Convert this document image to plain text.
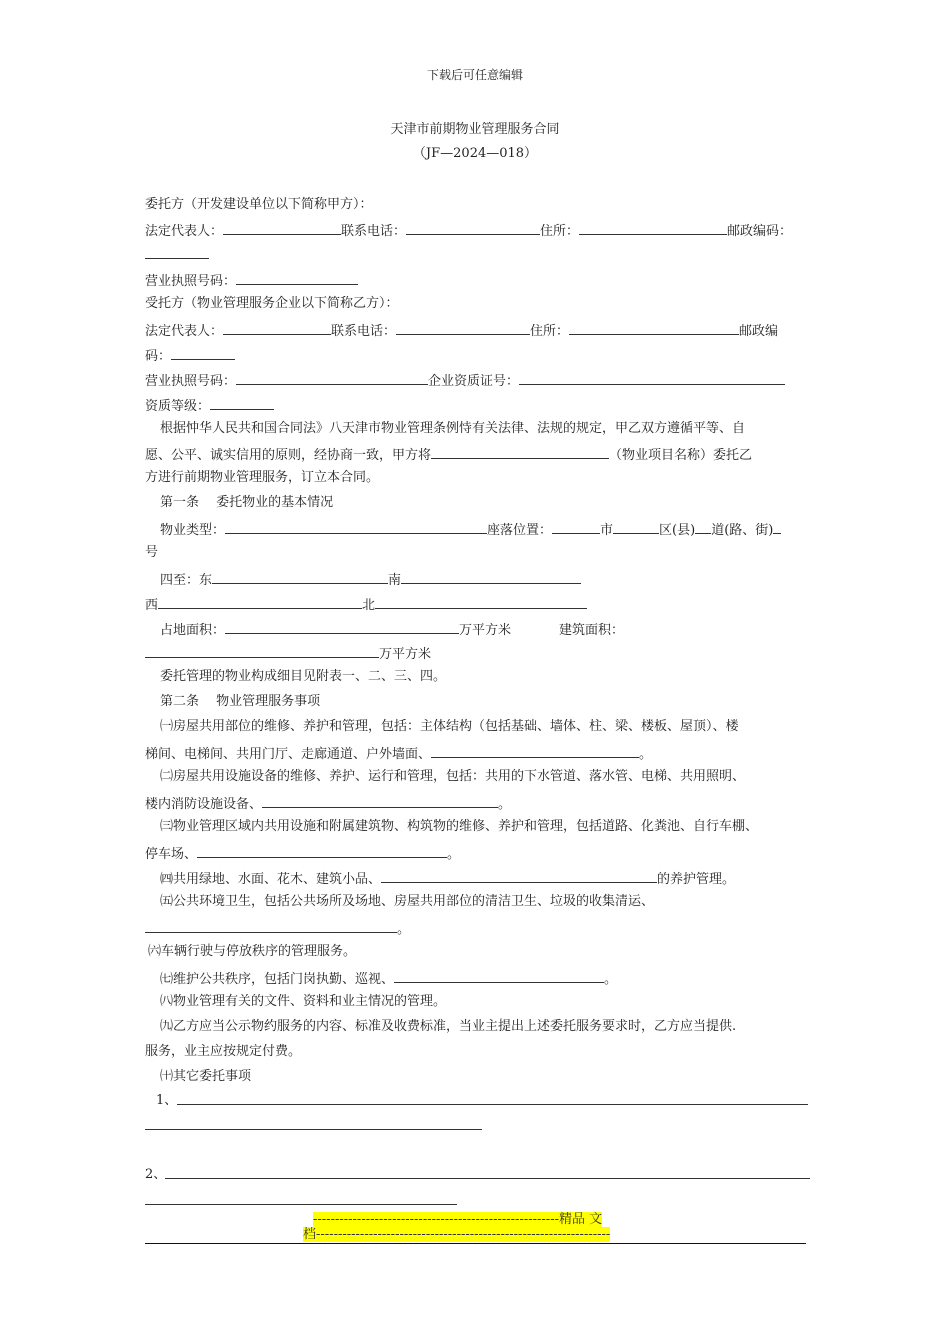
下载后可任意编辑
天津市前期物业管理服务合同
（JF—2024—018）
委托方（开发建设单位以下简称甲方）：
法定代表人：	联系电话：	住所：	邮政编码：
营业执照号码：
受托方（物业管理服务企业以下简称乙方）：
法定代表人：	联系电话：	住所：	邮政编
码：
营业执照号码：	企业资质证号：
资质等级：
根据忡华人民共和国合同法》八天津市物业管理条例恃有关法律、法规的规定，甲乙双方遵循平等、自
愿、公平、诚实信用的原则，经协商一致，甲方将	（物业项目名称）委托乙
方进行前期物业管理服务，订立本合同。
第一条　 委托物业的基本情况
物业类型：	座落位置：	市	区(县) 道(路、街)
号
四至：东	南
西	北
占地面积：	万平方米	建筑面积：
万平方米
委托管理的物业构成细目见附表一、二、三、四。
第二条　 物业管理服务事项
㈠房屋共用部位的维修、养护和管理，包括：主体结构（包括基础、墙体、柱、梁、楼板、屋顶）、楼
梯间、电梯间、共用门厅、走廊通道、户外墙面、	。
㈡房屋共用设施设备的维修、养护、运行和管理，包括：共用的下水管道、落水管、电梯、共用照明、
楼内消防设施设备、	。
㈢物业管理区域内共用设施和附属建筑物、构筑物的维修、养护和管理，包括道路、化粪池、自行车棚、
停车场、	。
㈣共用绿地、水面、花木、建筑小品、	的养护管理。
㈤公共环境卫生，包括公共场所及场地、房屋共用部位的清洁卫生、垃圾的收集清运、
。
㈥车辆行驶与停放秩序的管理服务。
㈦维护公共秩序，包括门岗执勤、巡视、	。
㈧物业管理有关的文件、资料和业主情况的管理。
㈨乙方应当公示物约服务的内容、标准及收费标准，当业主提出上述委托服务要求时，乙方应当提供.
服务，业主应按规定付费。
㈩其它委托事项
1、
2、
--------------------------------------------------------精品 文
档-------------------------------------------------------------------
